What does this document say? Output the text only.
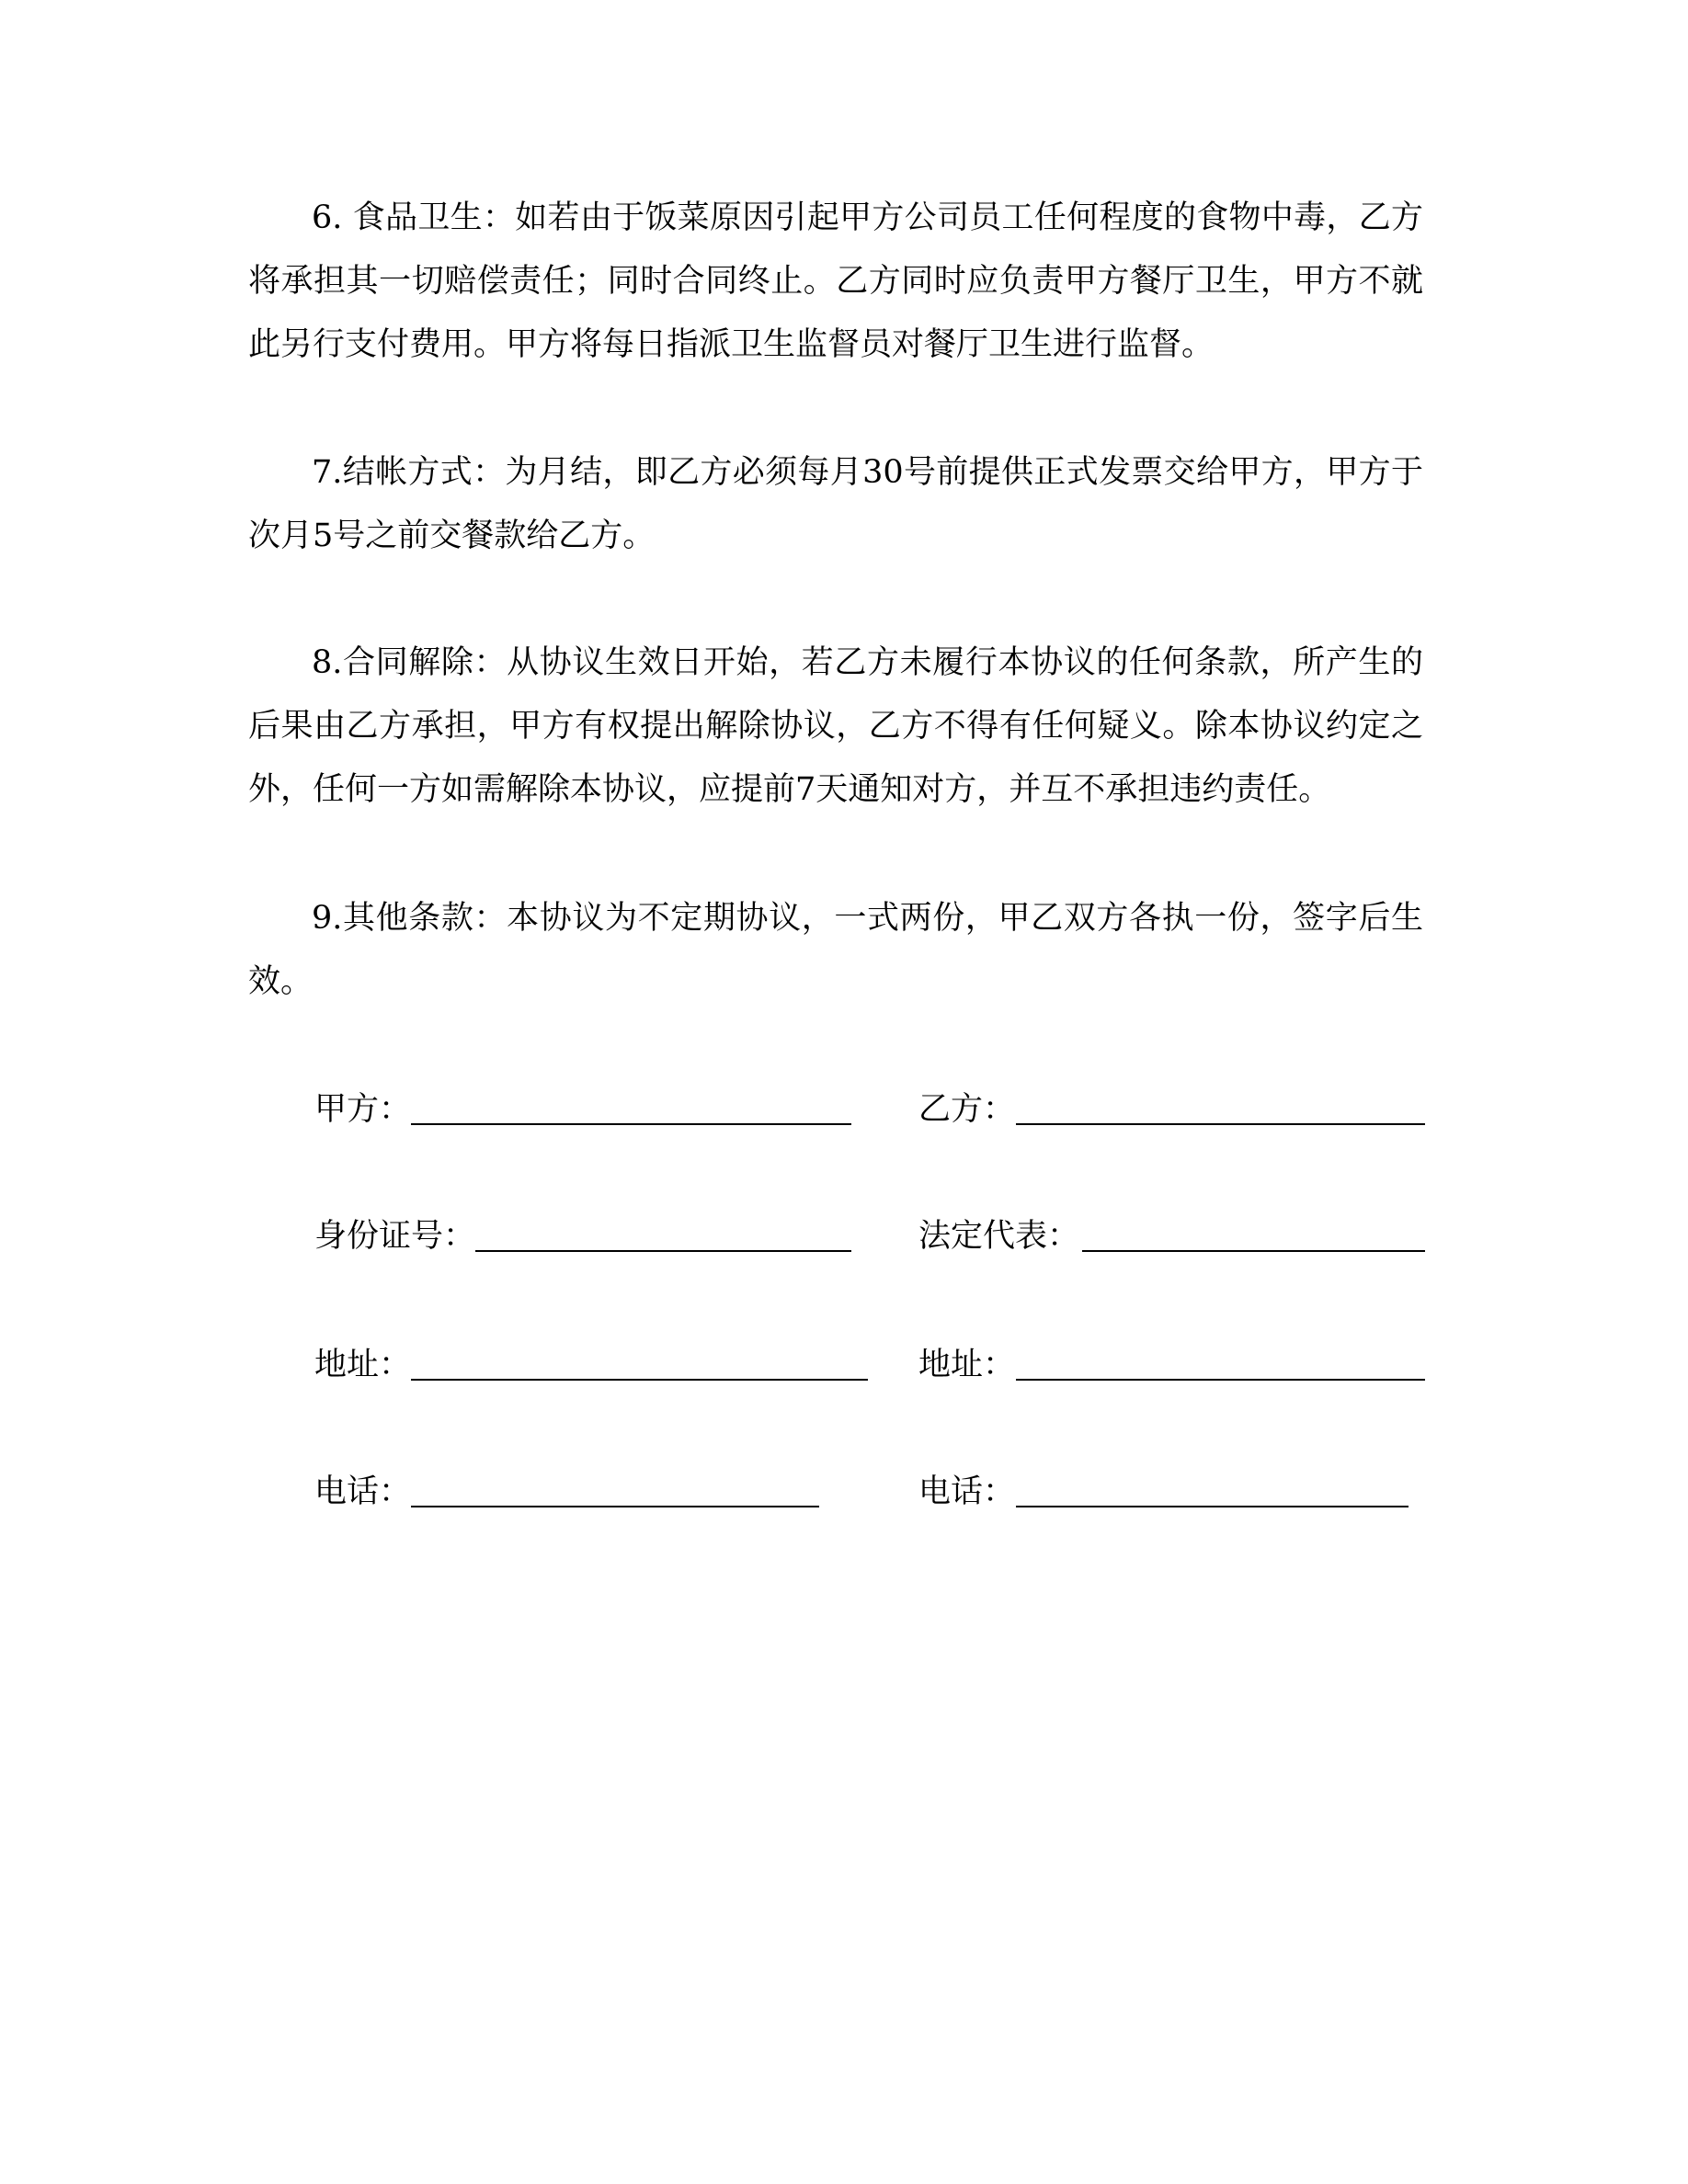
6. 食品卫生：如若由于饭菜原因引起甲方公司员工任何程度的食物中毒，乙方
将承担其一切赔偿责任；同时合同终止。乙方同时应负责甲方餐厅卫生，甲方不就
此另行支付费用。甲方将每日指派卫生监督员对餐厅卫生进行监督。
7.结帐方式：为月结，即乙方必须每月30号前提供正式发票交给甲方，甲方于
次月5号之前交餐款给乙方。
8.合同解除：从协议生效日开始，若乙方未履行本协议的任何条款，所产生的
后果由乙方承担，甲方有权提出解除协议，乙方不得有任何疑义。除本协议约定之
外，任何一方如需解除本协议，应提前7天通知对方，并互不承担违约责任。
9.其他条款：本协议为不定期协议，一式两份，甲乙双方各执一份，签字后生
效。
甲方：	乙方：
身份证号：	法定代表：
地址：	地址：
电话：	电话：
